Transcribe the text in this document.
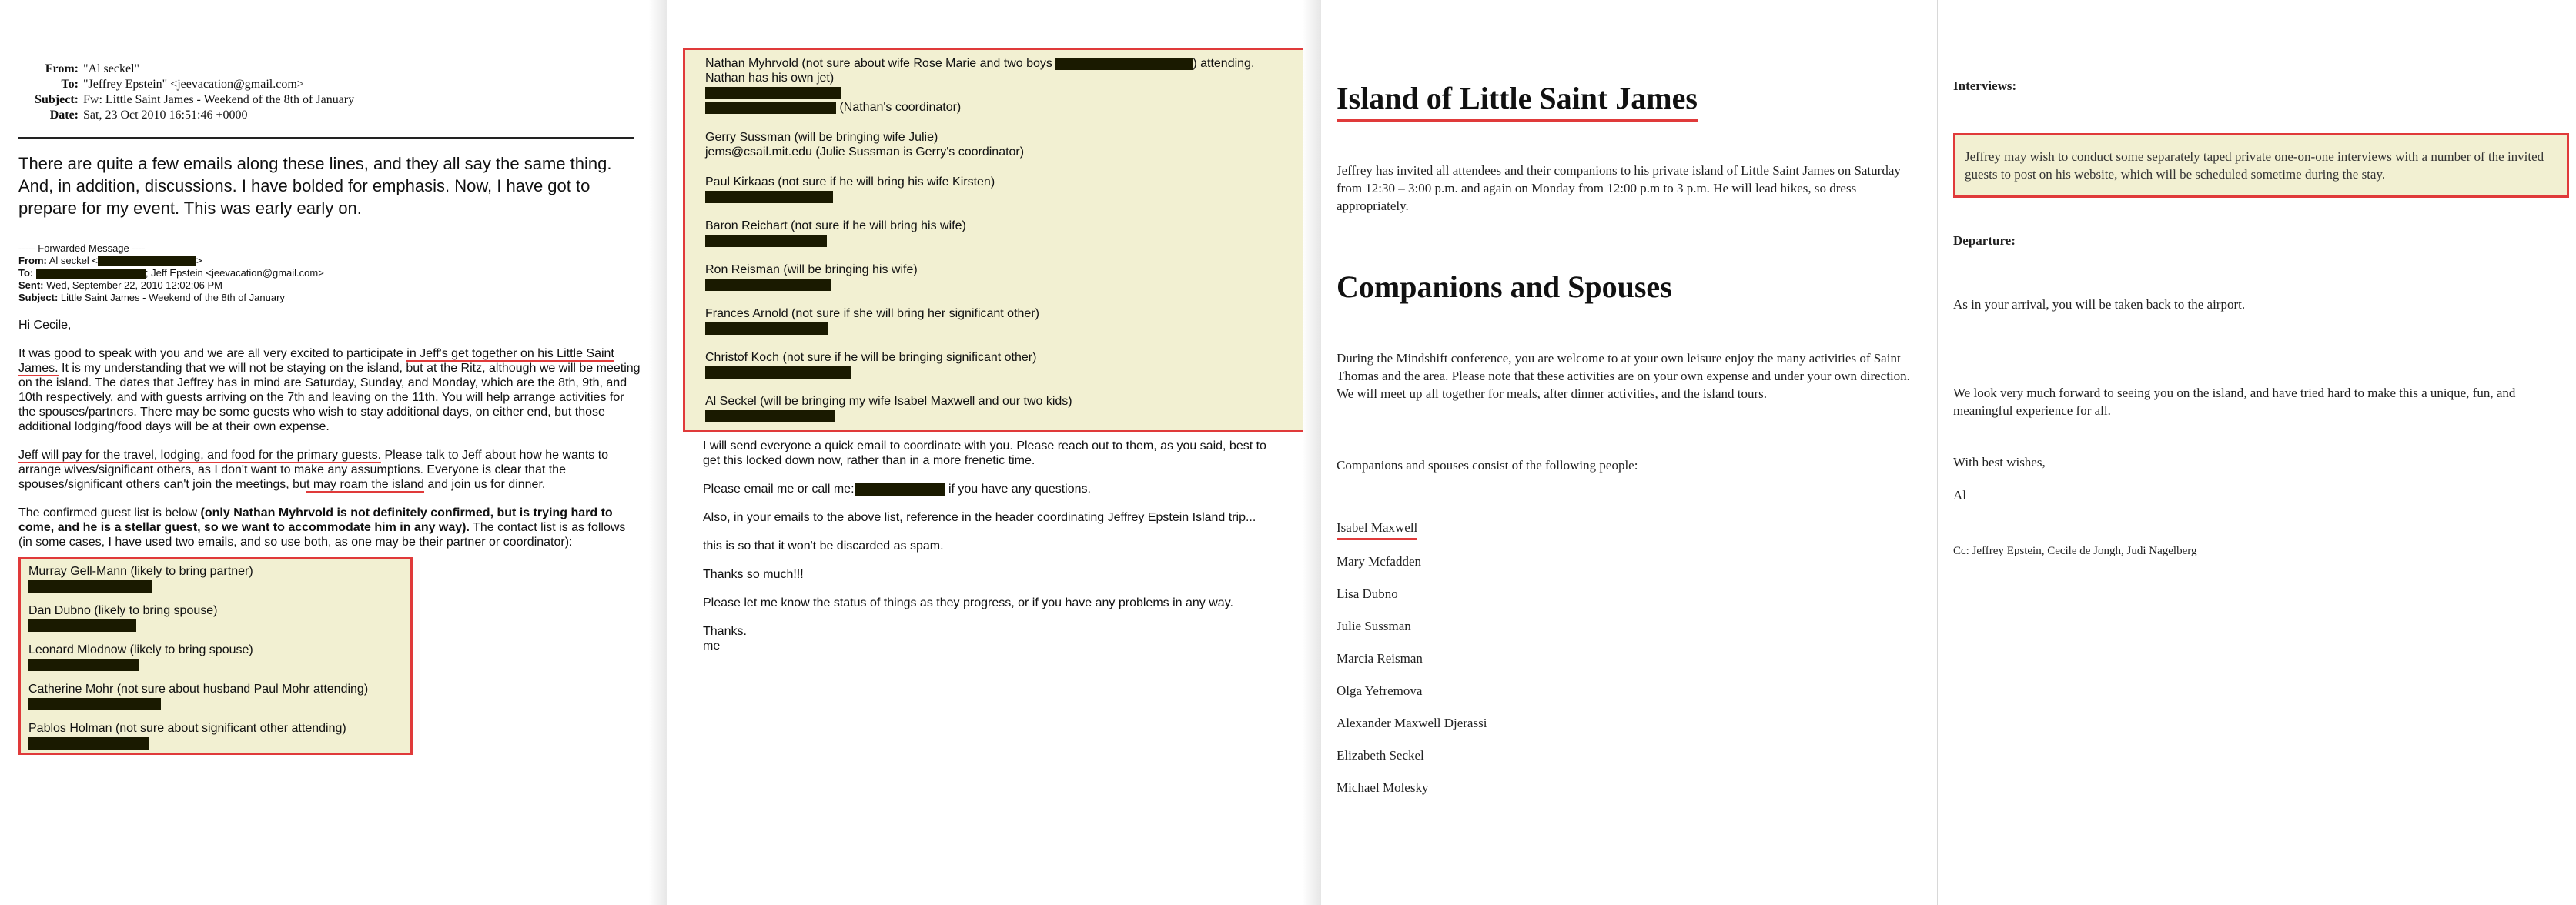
From: "Al seckel"
To: "Jeffrey Epstein" <jeevacation@gmail.com>
Subject: Fw: Little Saint James - Weekend of the 8th of January
Date: Sat, 23 Oct 2010 16:51:46 +0000

There are quite a few emails along these lines, and they all say the same thing. And, in addition, discussions. I have bolded for emphasis. Now, I have got to prepare for my event. This was early early on.

----- Forwarded Message ----
From: Al seckel <	>
To:	; Jeff Epstein <jeevacation@gmail.com>
Sent: Wed, September 22, 2010 12:02:06 PM
Subject: Little Saint James - Weekend of the 8th of January
Hi Cecile,
It was good to speak with you and we are all very excited to participate in Jeff's get together on his Little Saint James. It is my understanding that we will not be staying on the island, but at the Ritz, although we will be meeting on the island. The dates that Jeffrey has in mind are Saturday, Sunday, and Monday, which are the 8th, 9th, and 10th respectively, and with guests arriving on the 7th and leaving on the 11th. You will help arrange activities for the spouses/partners. There may be some guests who wish to stay additional days, on either end, but those additional lodging/food days will be at their own expense.
Jeff will pay for the travel, lodging, and food for the primary guests. Please talk to Jeff about how he wants to arrange wives/significant others, as I don't want to make any assumptions. Everyone is clear that the spouses/significant others can't join the meetings, but may roam the island and join us for dinner.
The confirmed guest list is below (only Nathan Myhrvold is not definitely confirmed, but is trying hard to come, and he is a stellar guest, so we want to accommodate him in any way). The contact list is as follows (in some cases, I have used two emails, and so use both, as one may be their partner or coordinator):
Murray Gell-Mann (likely to bring partner)
Dan Dubno (likely to bring spouse)
Leonard Mlodnow (likely to bring spouse)
Catherine Mohr (not sure about husband Paul Mohr attending)
Pablos Holman (not sure about significant other attending)
Nathan Myhrvold (not sure about wife Rose Marie and two boys	) attending.
Nathan has his own jet)
(Nathan's coordinator)
Gerry Sussman (will be bringing wife Julie)
jems@csail.mit.edu (Julie Sussman is Gerry's coordinator)
Paul Kirkaas (not sure if he will bring his wife Kirsten)
Baron Reichart (not sure if he will bring his wife)
Ron Reisman (will be bringing his wife)
Frances Arnold (not sure if she will bring her significant other)
Christof Koch (not sure if he will be bringing significant other)
Al Seckel (will be bringing my wife Isabel Maxwell and our two kids)
I will send everyone a quick email to coordinate with you. Please reach out to them, as you said, best to get this locked down now, rather than in a more frenetic time.
Please email me or call me:	if you have any questions.
Also, in your emails to the above list, reference in the header coordinating Jeffrey Epstein Island trip...
this is so that it won't be discarded as spam.
Thanks so much!!!
Please let me know the status of things as they progress, or if you have any problems in any way.
Thanks.
me
Island of Little Saint James

Jeffrey has invited all attendees and their companions to his private island of Little Saint James on Saturday from 12:30 – 3:00 p.m. and again on Monday from 12:00 p.m to 3 p.m. He will lead hikes, so dress appropriately.

Companions and Spouses

During the Mindshift conference, you are welcome to at your own leisure enjoy the many activities of Saint Thomas and the area. Please note that these activities are on your own expense and under your own direction. We will meet up all together for meals, after dinner activities, and the island tours.

Companions and spouses consist of the following people:

Isabel Maxwell

Mary Mcfadden

Lisa Dubno

Julie Sussman

Marcia Reisman

Olga Yefremova

Alexander Maxwell Djerassi

Elizabeth Seckel

Michael Molesky

Interviews:
Jeffrey may wish to conduct some separately taped private one-on-one interviews with a number of the invited guests to post on his website, which will be scheduled sometime during the stay.
Departure:

As in your arrival, you will be taken back to the airport.

We look very much forward to seeing you on the island, and have tried hard to make this a unique, fun, and meaningful experience for all.

With best wishes,

Al

Cc: Jeffrey Epstein, Cecile de Jongh, Judi Nagelberg
